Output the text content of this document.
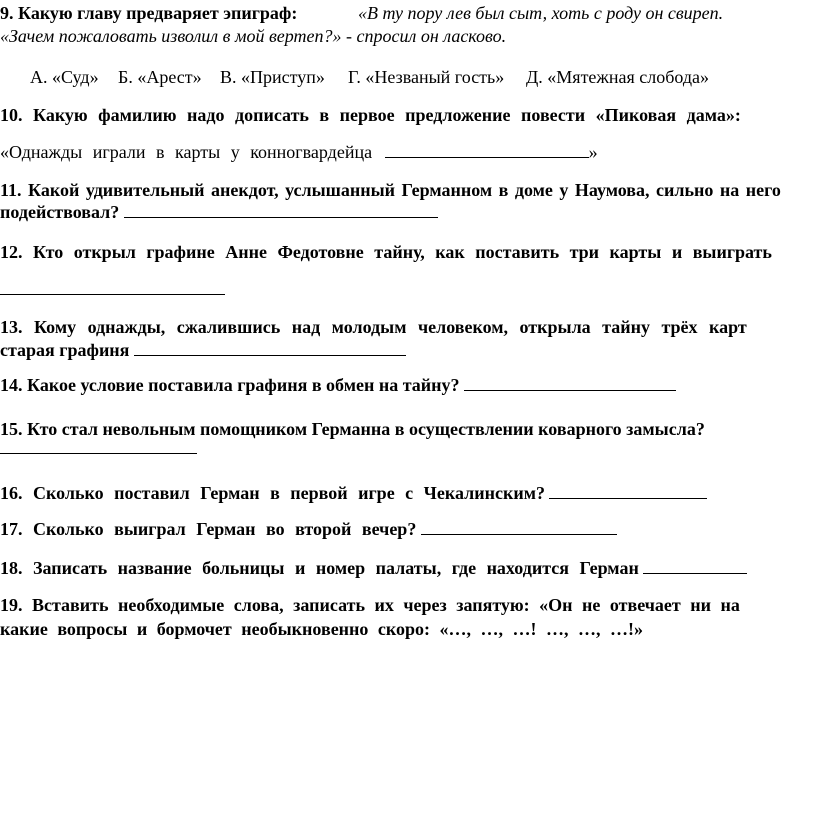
9. Какую главу предваряет эпиграф:	«В ту пору лев был сыт, хоть с роду он свиреп.
«Зачем пожаловать изволил в мой вертеп?» - спросил он ласково.
А. «Суд» Б. «Арест» В. «Приступ» Г. «Незваный гость» Д. «Мятежная слобода»
10. Какую фамилию надо дописать в первое предложение повести «Пиковая дама»:
«Однажды играли в карты у конногвардейца	»
11. Какой удивительный анекдот, услышанный Германном в доме у Наумова, сильно на него
подействовал?
12. Кто открыл графине Анне Федотовне тайну, как поставить три карты и выиграть
13. Кому однажды, сжалившись над молодым человеком, открыла тайну трёх карт
старая графиня
14. Какое условие поставила графиня в обмен на тайну?
15. Кто стал невольным помощником Германна в осуществлении коварного замысла?
16. Сколько поставил Герман в первой игре с Чекалинским?
17. Сколько выиграл Герман во второй вечер?
18. Записать название больницы и номер палаты, где находится Герман
19. Вставить необходимые слова, записать их через запятую: «Он не отвечает ни на
какие вопросы и бормочет необыкновенно скоро: «…, …, …! …, …, …!»
